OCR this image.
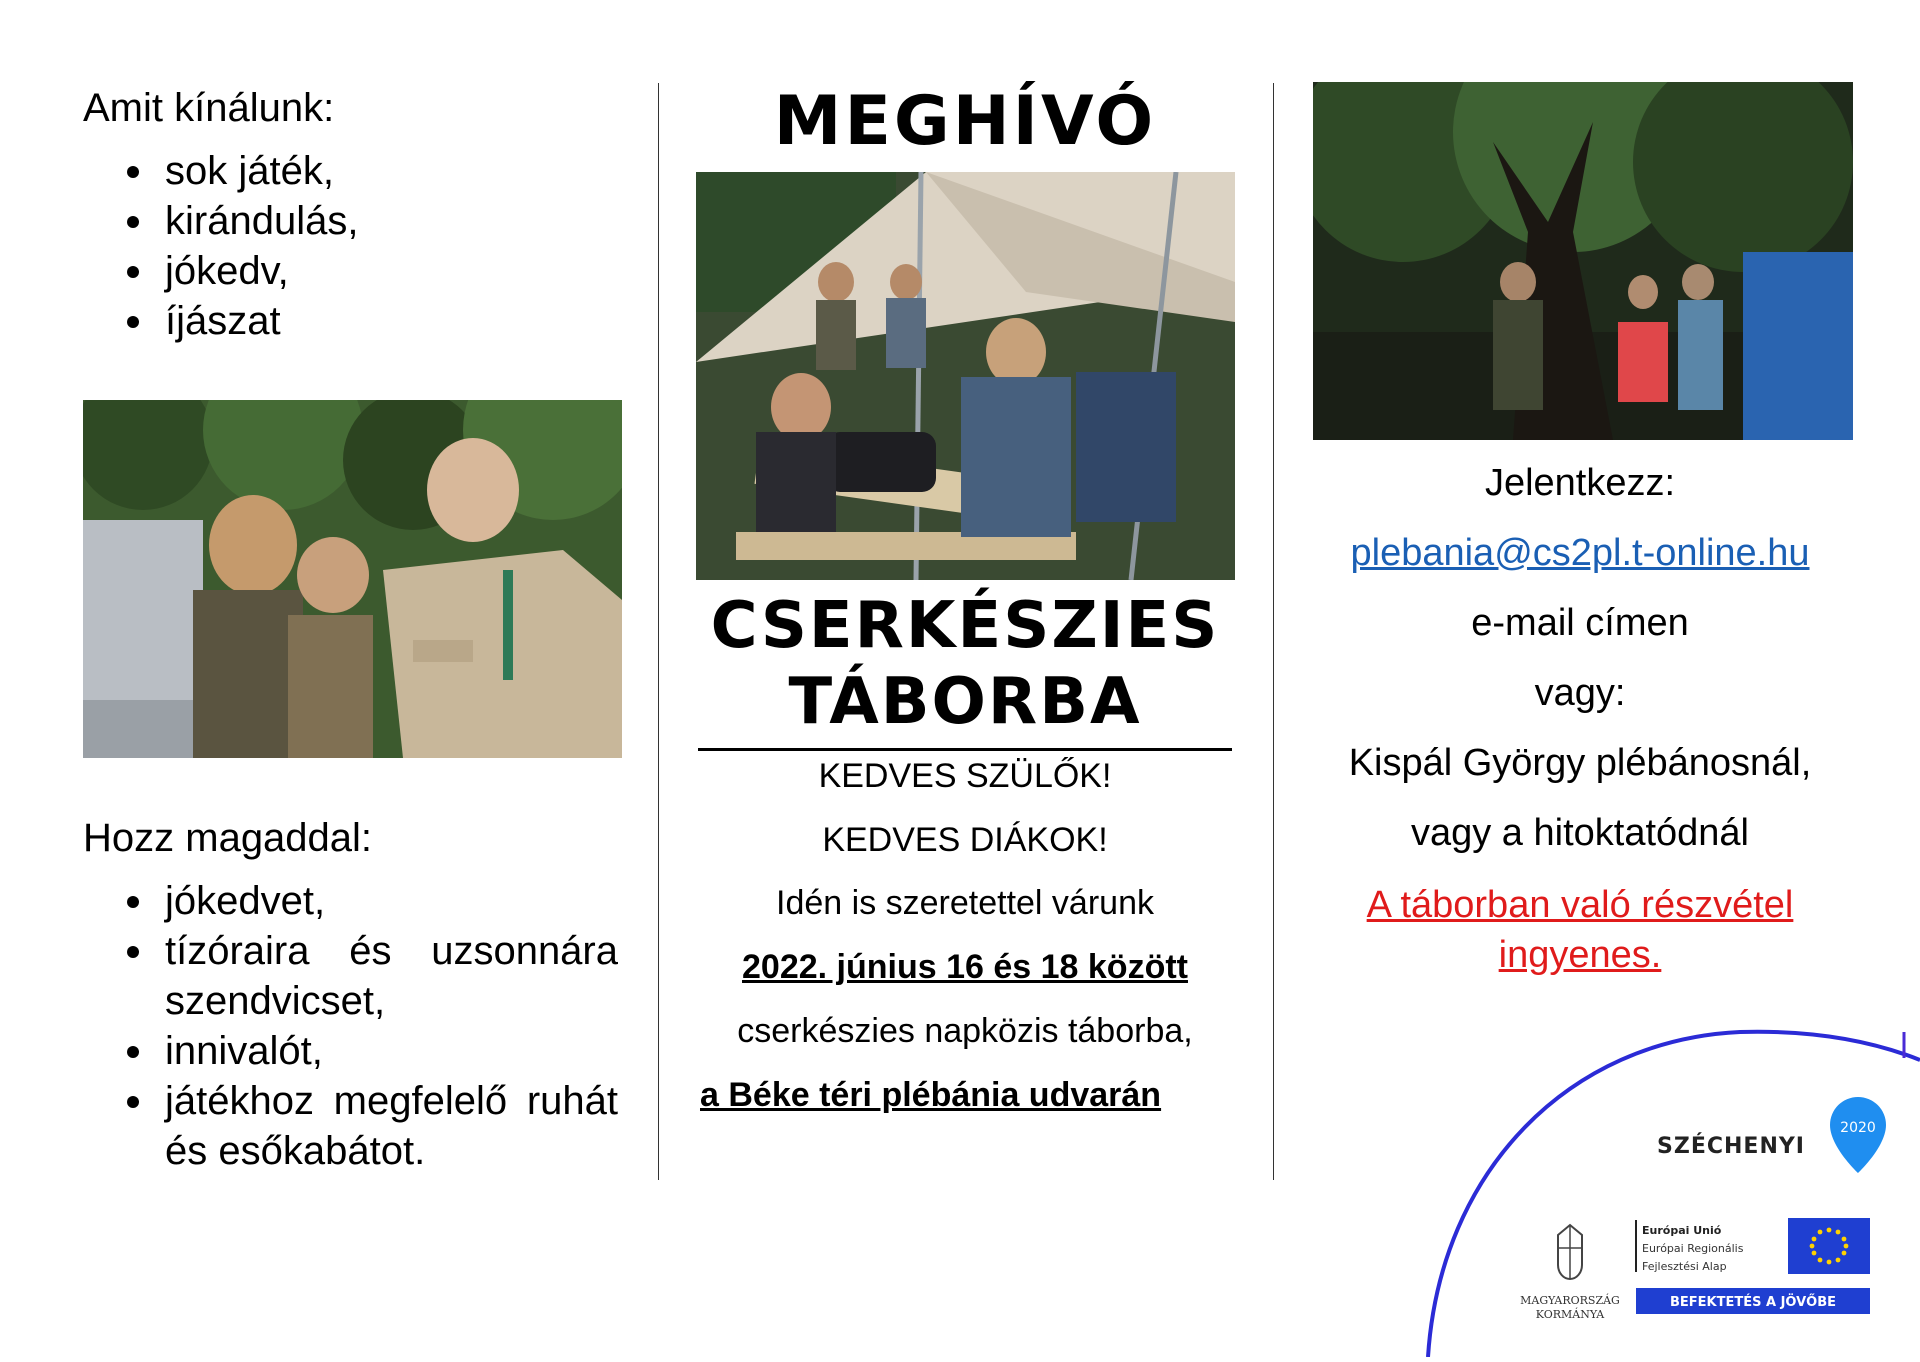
Amit kínálunk:
sok játék,
kirándulás,
jókedv,
íjászat
Hozz magaddal:
jókedvet,
tízóraira és uzsonnára szendvicset,
innivalót,
játékhoz megfelelő ruhát és esőkabátot.
MEGHÍVÓ
CSERKÉSZIES
TÁBORBA
KEDVES SZÜLŐK!
KEDVES DIÁKOK!
Idén is szeretettel várunk
2022. június 16 és 18 között
cserkészies napközis táborba,
a Béke téri plébánia udvarán
Jelentkezz:
plebania@cs2pl.t-online.hu
e-mail címen
vagy:
Kispál György plébánosnál,
vagy a hitoktatódnál
A táborban való részvétel ingyenes.
SZÉCHENYI
2020
Európai Unió
Európai Regionális
Fejlesztési Alap
MAGYARORSZÁG
KORMÁNYA
BEFEKTETÉS A JÖVŐBE
